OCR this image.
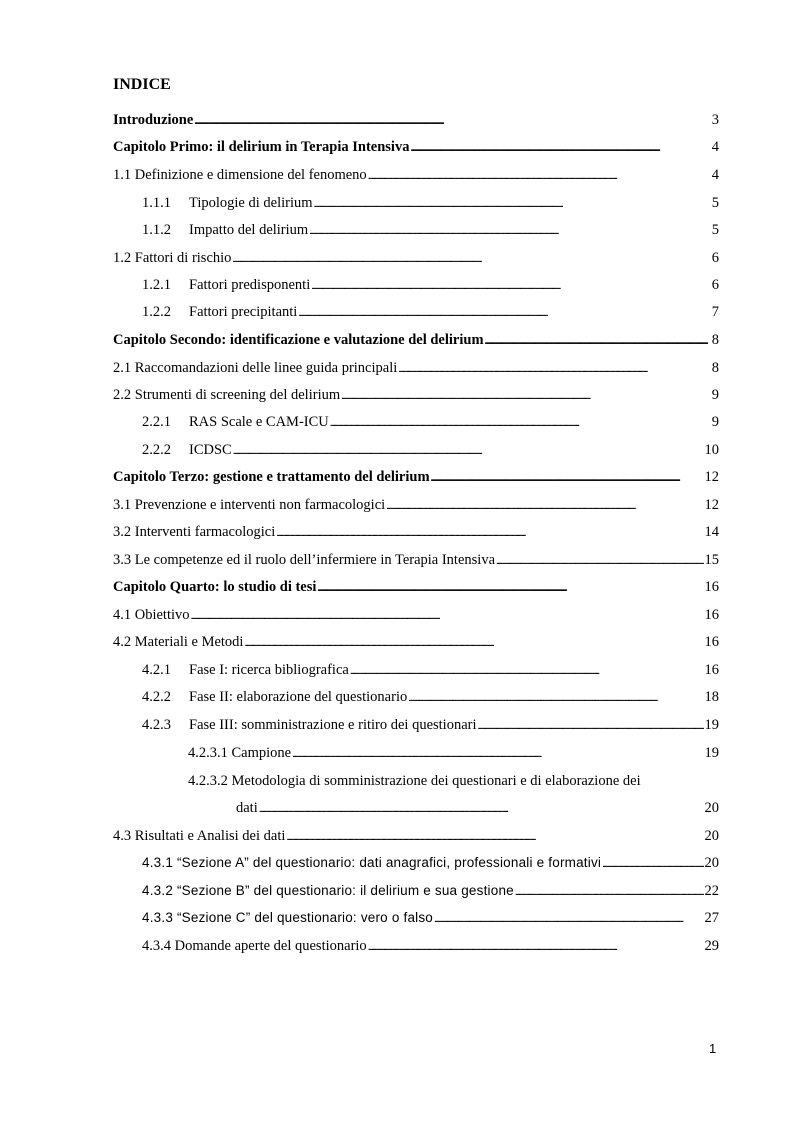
INDICE
Introduzione . . .	3
Capitolo Primo: il delirium in Terapia Intensiva . . .	4
1.1 Definizione e dimensione del fenomeno . . .	4
1.1.1	Tipologie di delirium . . .	5
1.1.2	Impatto del delirium . . .	5
1.2 Fattori di rischio . . .	6
1.2.1	Fattori predisponenti . . .	6
1.2.2	Fattori precipitanti . . .	7
Capitolo Secondo: identificazione e valutazione del delirium . . .	8
2.1 Raccomandazioni delle linee guida principali . . .	8
2.2 Strumenti di screening del delirium . . .	9
2.2.1	RAS Scale e CAM-ICU . . .	9
2.2.2	ICDSC . . .	10
Capitolo Terzo: gestione e trattamento del delirium . . .	12
3.1 Prevenzione e interventi non farmacologici . . .	12
3.2 Interventi farmacologici . . .	14
3.3 Le competenze ed il ruolo dell’infermiere in Terapia Intensiva . . .	15
Capitolo Quarto: lo studio di tesi . . .	16
4.1 Obiettivo . . .	16
4.2 Materiali e Metodi . . .	16
4.2.1	Fase I: ricerca bibliografica . . .	16
4.2.2	Fase II: elaborazione del questionario . . .	18
4.2.3	Fase III: somministrazione e ritiro dei questionari . . .	19
4.2.3.1 Campione . . .	19
4.2.3.2 Metodologia di somministrazione dei questionari e di elaborazione dei
dati . . .	20
4.3 Risultati e Analisi dei dati . . .	20
4.3.1 “Sezione A” del questionario: dati anagrafici, professionali e formativi . . .	20
4.3.2 “Sezione B” del questionario: il delirium e sua gestione . . .	22
4.3.3 “Sezione C” del questionario: vero o falso . . .	27
4.3.4 Domande aperte del questionario . . .	29
1
